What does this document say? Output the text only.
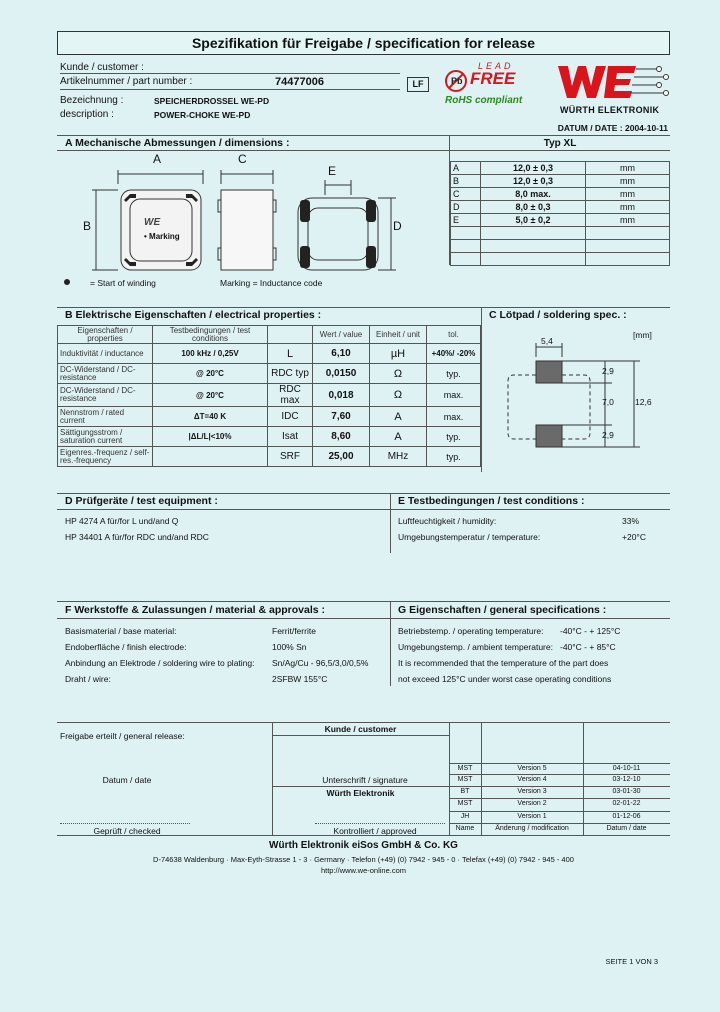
Spezifikation für Freigabe / specification for release
Kunde / customer :
Artikelnummer / part number :	74477006
Bezeichnung :	SPEICHERDROSSEL WE-PD
description :	POWER-CHOKE WE-PD
LF	Pb
LEAD
FREE
RoHS compliant
WÜRTH ELEKTRONIK
DATUM / DATE : 2004-10-11
A Mechanische Abmessungen / dimensions :	Typ XL
A	12,0 ± 0,3	mm
B	12,0 ± 0,3	mm
C	8,0 max.	mm
D	8,0 ± 0,3	mm
E	5,0 ± 0,2	mm

WE
A	C
E
B	D
• Marking
= Start of winding	Marking = Inductance code
B Elektrische Eigenschaften / electrical properties :	C Lötpad / soldering spec. :
Eigenschaften / properties	Testbedingungen / test conditions		Wert / value	Einheit / unit	tol.
Induktivität / inductance	100 kHz / 0,25V	L	6,10	µH	+40%/ -20%
DC-Widerstand / DC-resistance	@ 20°C	RDC typ	0,0150	Ω	typ.
DC-Widerstand / DC-resistance	@ 20°C	RDC max	0,018	Ω	max.
Nennstrom / rated current	ΔT=40 K	IDC	7,60	A	max.
Sättigungsstrom / saturation current	|ΔL/L|<10%	Isat	8,60	A	typ.
Eigenres.-frequenz / self-res.-frequency		SRF	25,00	MHz	typ.
[mm]
5,4
2,9
7,0
2,9
12,6
D Prüfgeräte / test equipment :	E Testbedingungen / test conditions :
HP 4274 A für/for L und/and Q
HP 34401 A für/for RDC und/and RDC
Luftfeuchtigkeit / humidity:	33%
Umgebungstemperatur / temperature:	+20°C
F Werkstoffe & Zulassungen / material & approvals :	G Eigenschaften / general specifications :
Basismaterial / base material:	Ferrit/ferrite
Endoberfläche / finish electrode:	100% Sn
Anbindung an Elektrode / soldering wire to plating: Sn/Ag/Cu - 96,5/3,0/0,5%
Draht / wire:	2SFBW 155°C
Betriebstemp. / operating temperature: -40°C - + 125°C
Umgebungstemp. / ambient temperature: -40°C - + 85°C
It is recommended that the temperature of the part does
not exceed 125°C under worst case operating conditions
Kunde / customer
Freigabe erteilt / general release:
Datum / date	Unterschrift / signature
Würth Elektronik
Geprüft / checked	Kontrolliert / approved
MST	Version 5	04-10-11
MST	Version 4	03-12-10
BT	Version 3	03-01-30
MST	Version 2	02-01-22
JH	Version 1	01-12-06
Name	Änderung / modification	Datum / date
Würth Elektronik eiSos GmbH & Co. KG
D-74638 Waldenburg · Max-Eyth-Strasse 1 - 3 · Germany · Telefon (+49) (0) 7942 - 945 - 0 · Telefax (+49) (0) 7942 - 945 - 400
http://www.we-online.com
SEITE 1 VON 3
